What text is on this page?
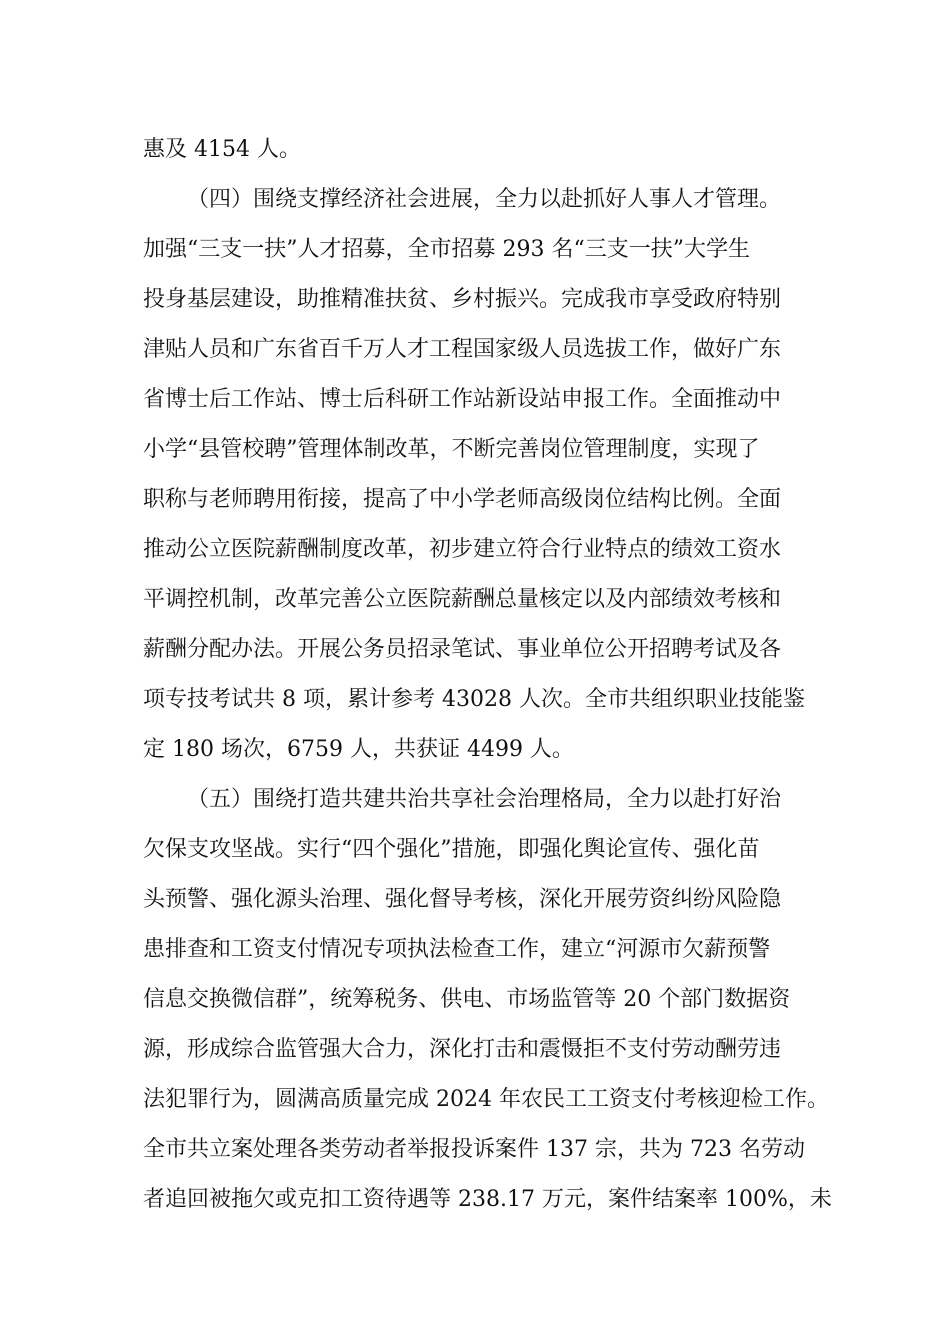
惠及 4154 人。

（四）围绕支撑经济社会进展，全力以赴抓好人事人才管理。

加强“三支一扶”人才招募，全市招募 293 名“三支一扶”大学生

投身基层建设，助推精准扶贫、乡村振兴。完成我市享受政府特别

津贴人员和广东省百千万人才工程国家级人员选拔工作，做好广东

省博士后工作站、博士后科研工作站新设站申报工作。全面推动中

小学“县管校聘”管理体制改革，不断完善岗位管理制度，实现了

职称与老师聘用衔接，提高了中小学老师高级岗位结构比例。全面

推动公立医院薪酬制度改革，初步建立符合行业特点的绩效工资水

平调控机制，改革完善公立医院薪酬总量核定以及内部绩效考核和

薪酬分配办法。开展公务员招录笔试、事业单位公开招聘考试及各

项专技考试共 8 项，累计参考 43028 人次。全市共组织职业技能鉴

定 180 场次，6759 人，共获证 4499 人。

（五）围绕打造共建共治共享社会治理格局，全力以赴打好治

欠保支攻坚战。实行“四个强化”措施，即强化舆论宣传、强化苗

头预警、强化源头治理、强化督导考核，深化开展劳资纠纷风险隐

患排查和工资支付情况专项执法检查工作，建立“河源市欠薪预警

信息交换微信群”，统筹税务、供电、市场监管等 20 个部门数据资

源，形成综合监管强大合力，深化打击和震慑拒不支付劳动酬劳违

法犯罪行为，圆满高质量完成 2024 年农民工工资支付考核迎检工作。

全市共立案处理各类劳动者举报投诉案件 137 宗，共为 723 名劳动

者追回被拖欠或克扣工资待遇等 238.17 万元，案件结案率 100%，未
